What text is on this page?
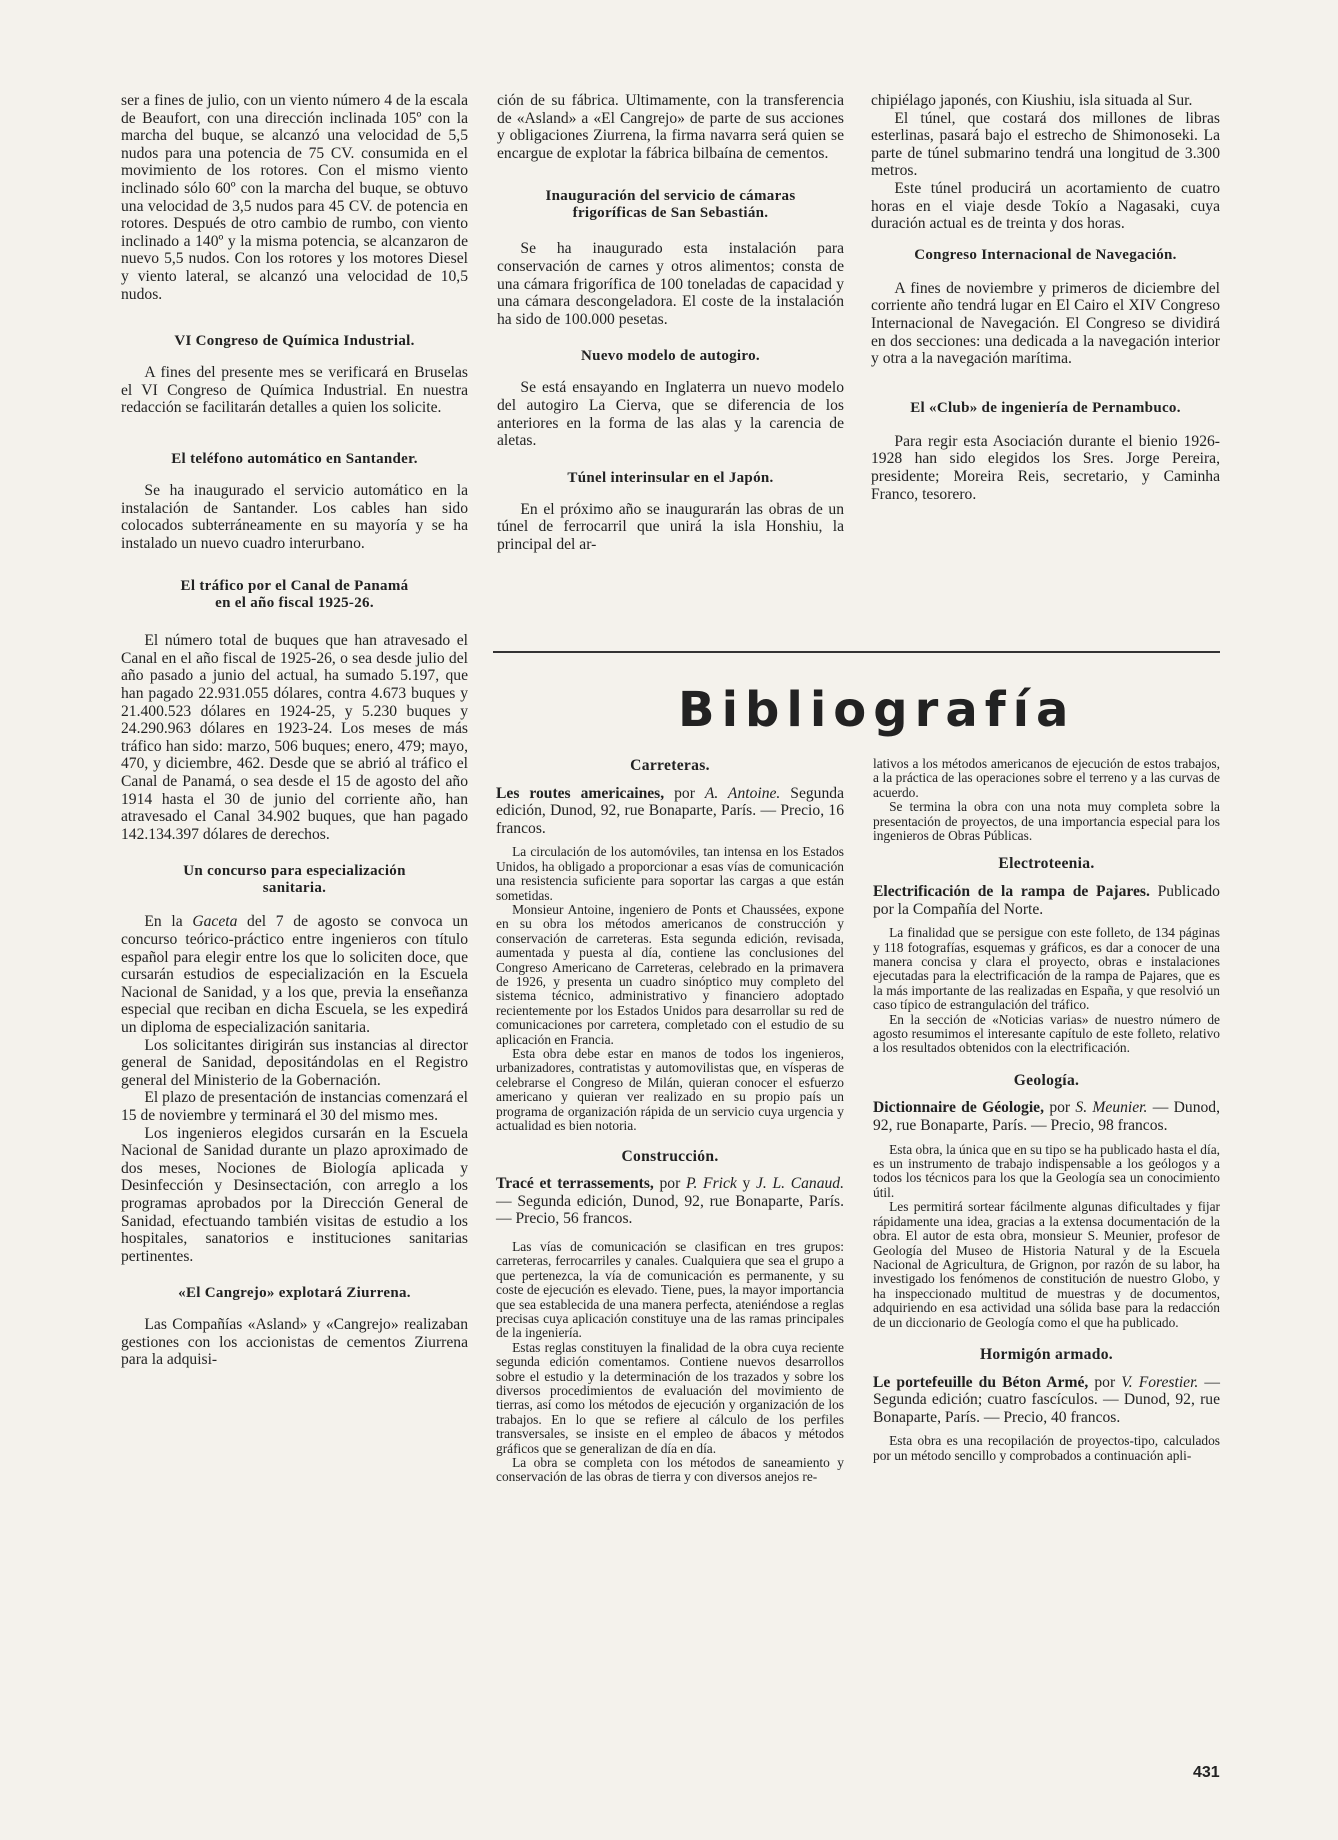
ser a fines de julio, con un viento número 4 de la escala de Beaufort, con una dirección inclinada 105º con la marcha del buque, se alcanzó una velocidad de 5,5 nudos para una potencia de 75 CV. consumida en el movimiento de los rotores. Con el mismo viento inclinado sólo 60º con la marcha del buque, se obtuvo una velocidad de 3,5 nudos para 45 CV. de potencia en rotores. Después de otro cambio de rumbo, con viento inclinado a 140º y la misma potencia, se alcanzaron de nuevo 5,5 nudos. Con los rotores y los motores Diesel y viento lateral, se alcanzó una velocidad de 10,5 nudos.

VI Congreso de Química Industrial.

A fines del presente mes se verificará en Bruselas el VI Congreso de Química Industrial. En nuestra redacción se facilitarán detalles a quien los solicite.

El teléfono automático en Santander.

Se ha inaugurado el servicio automático en la instalación de Santander. Los cables han sido colocados subterráneamente en su mayoría y se ha instalado un nuevo cuadro interurbano.

El tráfico por el Canal de Panamá
en el año fiscal 1925-26.

El número total de buques que han atravesado el Canal en el año fiscal de 1925-26, o sea desde julio del año pasado a junio del actual, ha sumado 5.197, que han pagado 22.931.055 dólares, contra 4.673 buques y 21.400.523 dólares en 1924-25, y 5.230 buques y 24.290.963 dólares en 1923-24. Los meses de más tráfico han sido: marzo, 506 buques; enero, 479; mayo, 470, y diciembre, 462. Desde que se abrió al tráfico el Canal de Panamá, o sea desde el 15 de agosto del año 1914 hasta el 30 de junio del corriente año, han atravesado el Canal 34.902 buques, que han pagado 142.134.397 dólares de derechos.

Un concurso para especialización
sanitaria.

En la Gaceta del 7 de agosto se convoca un concurso teórico-práctico entre ingenieros con título español para elegir entre los que lo soliciten doce, que cursarán estudios de especialización en la Escuela Nacional de Sanidad, y a los que, previa la enseñanza especial que reciban en dicha Escuela, se les expedirá un diploma de especialización sanitaria.

Los solicitantes dirigirán sus instancias al director general de Sanidad, depositándolas en el Registro general del Ministerio de la Gobernación.

El plazo de presentación de instancias comenzará el 15 de noviembre y terminará el 30 del mismo mes.

Los ingenieros elegidos cursarán en la Escuela Nacional de Sanidad durante un plazo aproximado de dos meses, Nociones de Biología aplicada y Desinfección y Desinsectación, con arreglo a los programas aprobados por la Dirección General de Sanidad, efectuando también visitas de estudio a los hospitales, sanatorios e instituciones sanitarias pertinentes.

«El Cangrejo» explotará Ziurrena.

Las Compañías «Asland» y «Cangrejo» realizaban gestiones con los accionistas de cementos Ziurrena para la adquisi-

ción de su fábrica. Ultimamente, con la transferencia de «Asland» a «El Cangrejo» de parte de sus acciones y obligaciones Ziurrena, la firma navarra será quien se encargue de explotar la fábrica bilbaína de cementos.

Inauguración del servicio de cámaras
frigoríficas de San Sebastián.

Se ha inaugurado esta instalación para conservación de carnes y otros alimentos; consta de una cámara frigorífica de 100 toneladas de capacidad y una cámara descongeladora. El coste de la instalación ha sido de 100.000 pesetas.

Nuevo modelo de autogiro.

Se está ensayando en Inglaterra un nuevo modelo del autogiro La Cierva, que se diferencia de los anteriores en la forma de las alas y la carencia de aletas.

Túnel interinsular en el Japón.

En el próximo año se inaugurarán las obras de un túnel de ferrocarril que unirá la isla Honshiu, la principal del ar-

chipiélago japonés, con Kiushiu, isla situada al Sur.

El túnel, que costará dos millones de libras esterlinas, pasará bajo el estrecho de Shimonoseki. La parte de túnel submarino tendrá una longitud de 3.300 metros.

Este túnel producirá un acortamiento de cuatro horas en el viaje desde Tokío a Nagasaki, cuya duración actual es de treinta y dos horas.

Congreso Internacional de Navegación.

A fines de noviembre y primeros de diciembre del corriente año tendrá lugar en El Cairo el XIV Congreso Internacional de Navegación. El Congreso se dividirá en dos secciones: una dedicada a la navegación interior y otra a la navegación marítima.

El «Club» de ingeniería de Pernambuco.

Para regir esta Asociación durante el bienio 1926-1928 han sido elegidos los Sres. Jorge Pereira, presidente; Moreira Reis, secretario, y Caminha Franco, tesorero.

Bibliografía
Carreteras.
Les routes americaines, por A. Antoine. Segunda edición, Dunod, 92, rue Bonaparte, París. — Precio, 16 francos.

La circulación de los automóviles, tan intensa en los Estados Unidos, ha obligado a proporcionar a esas vías de comunicación una resistencia suficiente para soportar las cargas a que están sometidas.

Monsieur Antoine, ingeniero de Ponts et Chaussées, expone en su obra los métodos americanos de construcción y conservación de carreteras. Esta segunda edición, revisada, aumentada y puesta al día, contiene las conclusiones del Congreso Americano de Carreteras, celebrado en la primavera de 1926, y presenta un cuadro sinóptico muy completo del sistema técnico, administrativo y financiero adoptado recientemente por los Estados Unidos para desarrollar su red de comunicaciones por carretera, completado con el estudio de su aplicación en Francia.

Esta obra debe estar en manos de todos los ingenieros, urbanizadores, contratistas y automovilistas que, en vísperas de celebrarse el Congreso de Milán, quieran conocer el esfuerzo americano y quieran ver realizado en su propio país un programa de organización rápida de un servicio cuya urgencia y actualidad es bien notoria.

Construcción.
Tracé et terrassements, por P. Frick y J. L. Canaud. — Segunda edición, Dunod, 92, rue Bonaparte, París. — Precio, 56 francos.

Las vías de comunicación se clasifican en tres grupos: carreteras, ferrocarriles y canales. Cualquiera que sea el grupo a que pertenezca, la vía de comunicación es permanente, y su coste de ejecución es elevado. Tiene, pues, la mayor importancia que sea establecida de una manera perfecta, ateniéndose a reglas precisas cuya aplicación constituye una de las ramas principales de la ingeniería.

Estas reglas constituyen la finalidad de la obra cuya reciente segunda edición comentamos. Contiene nuevos desarrollos sobre el estudio y la determinación de los trazados y sobre los diversos procedimientos de evaluación del movimiento de tierras, así como los métodos de ejecución y organización de los trabajos. En lo que se refiere al cálculo de los perfiles transversales, se insiste en el empleo de ábacos y métodos gráficos que se generalizan de día en día.

La obra se completa con los métodos de saneamiento y conservación de las obras de tierra y con diversos anejos re-

lativos a los métodos americanos de ejecución de estos trabajos, a la práctica de las operaciones sobre el terreno y a las curvas de acuerdo.

Se termina la obra con una nota muy completa sobre la presentación de proyectos, de una importancia especial para los ingenieros de Obras Públicas.

Electroteenia.
Electrificación de la rampa de Pajares. Publicado por la Compañía del Norte.

La finalidad que se persigue con este folleto, de 134 páginas y 118 fotografías, esquemas y gráficos, es dar a conocer de una manera concisa y clara el proyecto, obras e instalaciones ejecutadas para la electrificación de la rampa de Pajares, que es la más importante de las realizadas en España, y que resolvió un caso típico de estrangulación del tráfico.

En la sección de «Noticias varias» de nuestro número de agosto resumimos el interesante capítulo de este folleto, relativo a los resultados obtenidos con la electrificación.

Geología.
Dictionnaire de Géologie, por S. Meunier. — Dunod, 92, rue Bonaparte, París. — Precio, 98 francos.

Esta obra, la única que en su tipo se ha publicado hasta el día, es un instrumento de trabajo indispensable a los geólogos y a todos los técnicos para los que la Geología sea un conocimiento útil.

Les permitirá sortear fácilmente algunas dificultades y fijar rápidamente una idea, gracias a la extensa documentación de la obra. El autor de esta obra, monsieur S. Meunier, profesor de Geología del Museo de Historia Natural y de la Escuela Nacional de Agricultura, de Grignon, por razón de su labor, ha investigado los fenómenos de constitución de nuestro Globo, y ha inspeccionado multitud de muestras y de documentos, adquiriendo en esa actividad una sólida base para la redacción de un diccionario de Geología como el que ha publicado.

Hormigón armado.
Le portefeuille du Béton Armé, por V. Forestier. — Segunda edición; cuatro fascículos. — Dunod, 92, rue Bonaparte, París. — Precio, 40 francos.

Esta obra es una recopilación de proyectos-tipo, calculados por un método sencillo y comprobados a continuación apli-

431
